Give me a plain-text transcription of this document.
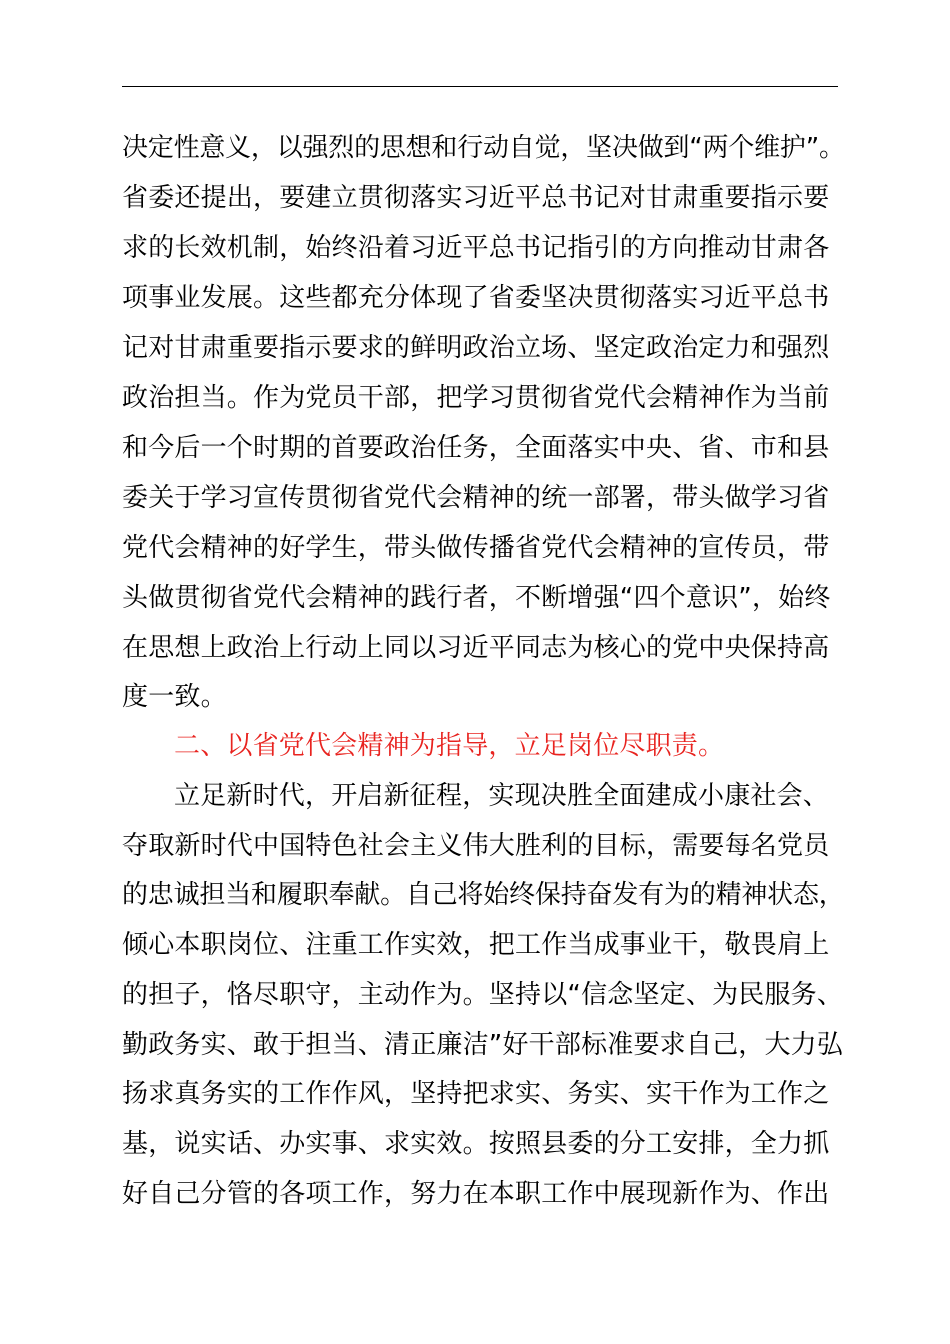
决定性意义，以强烈的思想和行动自觉，坚决做到“两个维护”。
省委还提出，要建立贯彻落实习近平总书记对甘肃重要指示要
求的长效机制，始终沿着习近平总书记指引的方向推动甘肃各
项事业发展。这些都充分体现了省委坚决贯彻落实习近平总书
记对甘肃重要指示要求的鲜明政治立场、坚定政治定力和强烈
政治担当。作为党员干部，把学习贯彻省党代会精神作为当前
和今后一个时期的首要政治任务，全面落实中央、省、市和县
委关于学习宣传贯彻省党代会精神的统一部署，带头做学习省
党代会精神的好学生，带头做传播省党代会精神的宣传员，带
头做贯彻省党代会精神的践行者，不断增强“四个意识”，始终
在思想上政治上行动上同以习近平同志为核心的党中央保持高
度一致。
二、以省党代会精神为指导，立足岗位尽职责。
立足新时代，开启新征程，实现决胜全面建成小康社会、
夺取新时代中国特色社会主义伟大胜利的目标，需要每名党员
的忠诚担当和履职奉献。自己将始终保持奋发有为的精神状态，
倾心本职岗位、注重工作实效，把工作当成事业干，敬畏肩上
的担子，恪尽职守，主动作为。坚持以“信念坚定、为民服务、
勤政务实、敢于担当、清正廉洁”好干部标准要求自己，大力弘
扬求真务实的工作作风，坚持把求实、务实、实干作为工作之
基，说实话、办实事、求实效。按照县委的分工安排，全力抓
好自己分管的各项工作，努力在本职工作中展现新作为、作出
